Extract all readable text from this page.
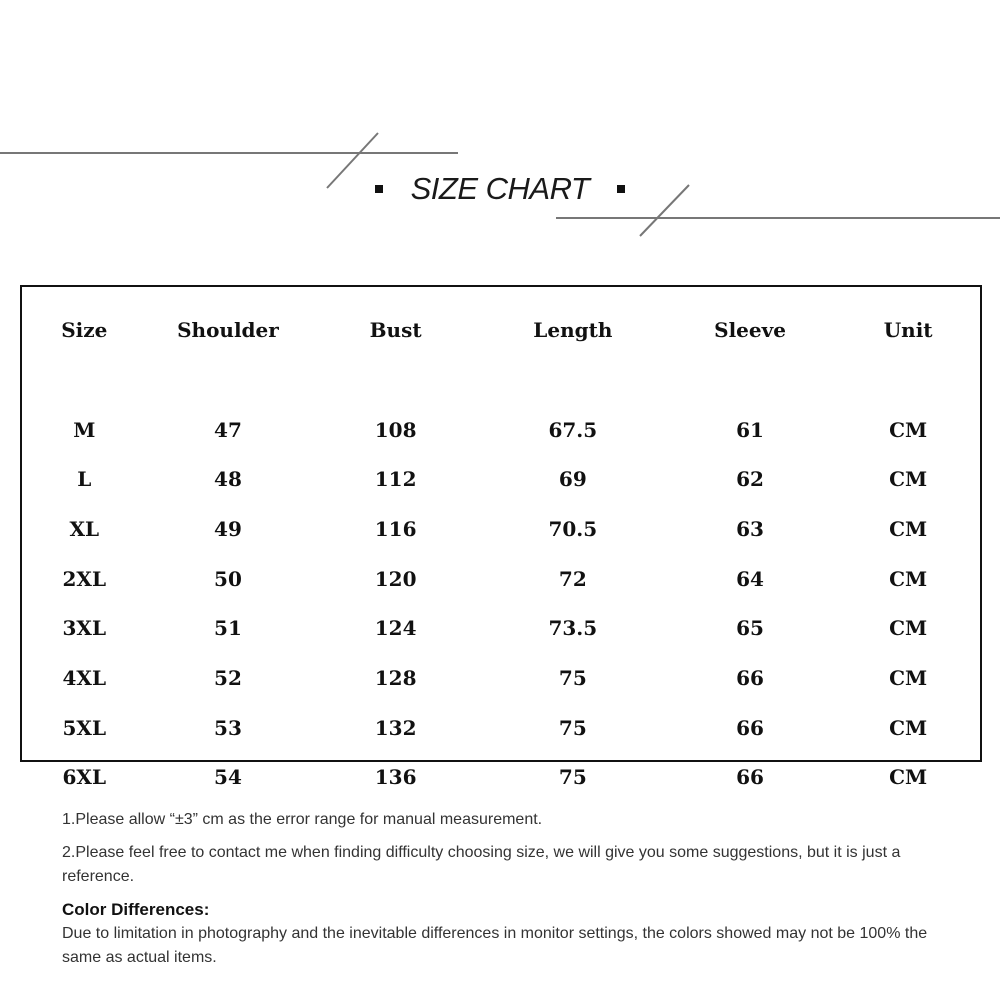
SIZE CHART
Size	Shoulder	Bust	Length	Sleeve	Unit

M	47	108	67.5	61	CM
L	48	112	69	62	CM
XL	49	116	70.5	63	CM
2XL	50	120	72	64	CM
3XL	51	124	73.5	65	CM
4XL	52	128	75	66	CM
5XL	53	132	75	66	CM
6XL	54	136	75	66	CM

1.Please allow “±3” cm as the error range for manual measurement.

2.Please feel free to contact me when finding difficulty choosing size, we will give you some suggestions, but it is just a reference.

Color Differences:

Due to limitation in photography and the inevitable differences in monitor settings, the colors showed may not be 100% the same as actual items.
